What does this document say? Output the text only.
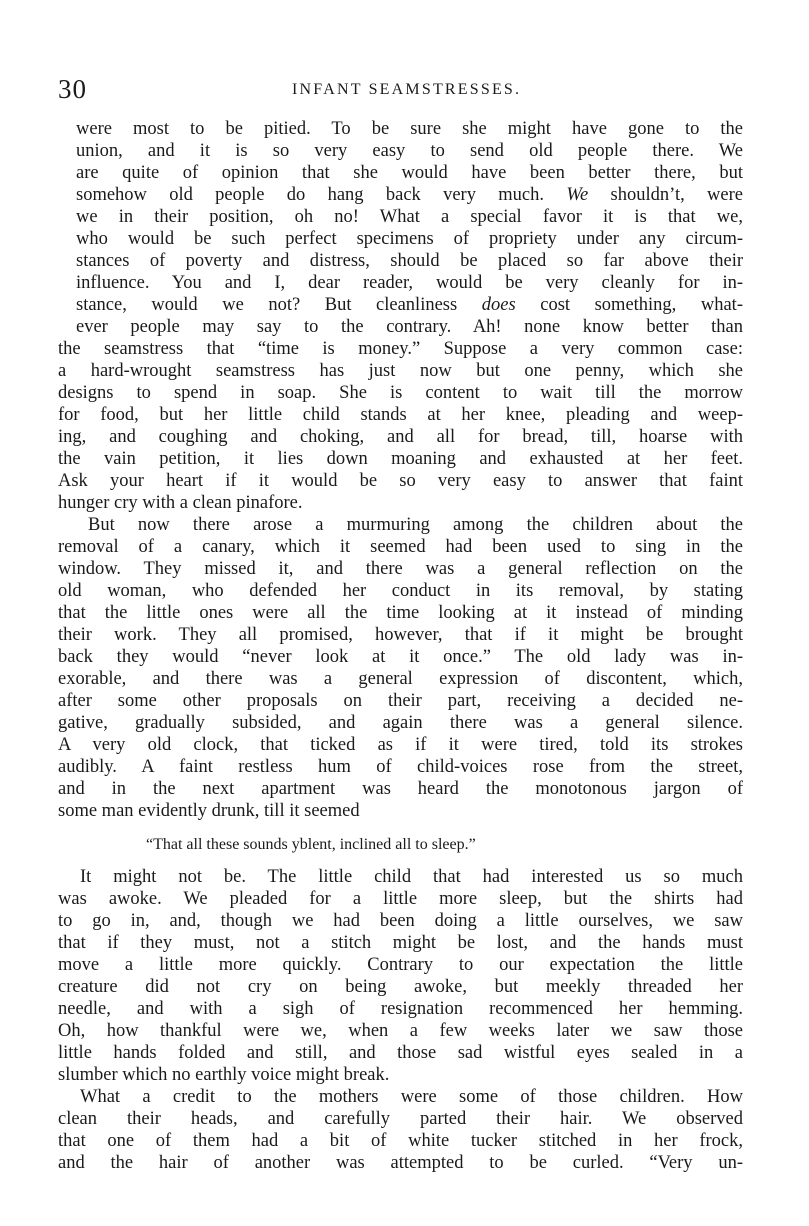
30	INFANT SEAMSTRESSES.
were most to be pitied. To be sure she might have gone to the
union, and it is so very easy to send old people there. We
are quite of opinion that she would have been better there, but
somehow old people do hang back very much. We shouldn’t, were
we in their position, oh no! What a special favor it is that we,
who would be such perfect specimens of propriety under any circum-
stances of poverty and distress, should be placed so far above their
influence. You and I, dear reader, would be very cleanly for in-
stance, would we not? But cleanliness does cost something, what-
ever people may say to the contrary. Ah! none know better than
the seamstress that “time is money.” Suppose a very common case:
a hard-wrought seamstress has just now but one penny, which she
designs to spend in soap. She is content to wait till the morrow
for food, but her little child stands at her knee, pleading and weep-
ing, and coughing and choking, and all for bread, till, hoarse with
the vain petition, it lies down moaning and exhausted at her feet.
Ask your heart if it would be so very easy to answer that faint
hunger cry with a clean pinafore.
But now there arose a murmuring among the children about the
removal of a canary, which it seemed had been used to sing in the
window. They missed it, and there was a general reflection on the
old woman, who defended her conduct in its removal, by stating
that the little ones were all the time looking at it instead of minding
their work. They all promised, however, that if it might be brought
back they would “never look at it once.” The old lady was in-
exorable, and there was a general expression of discontent, which,
after some other proposals on their part, receiving a decided ne-
gative, gradually subsided, and again there was a general silence.
A very old clock, that ticked as if it were tired, told its strokes
audibly. A faint restless hum of child-voices rose from the street,
and in the next apartment was heard the monotonous jargon of
some man evidently drunk, till it seemed
“That all these sounds yblent, inclined all to sleep.”
It might not be. The little child that had interested us so much
was awoke. We pleaded for a little more sleep, but the shirts had
to go in, and, though we had been doing a little ourselves, we saw
that if they must, not a stitch might be lost, and the hands must
move a little more quickly. Contrary to our expectation the little
creature did not cry on being awoke, but meekly threaded her
needle, and with a sigh of resignation recommenced her hemming.
Oh, how thankful were we, when a few weeks later we saw those
little hands folded and still, and those sad wistful eyes sealed in a
slumber which no earthly voice might break.
What a credit to the mothers were some of those children. How
clean their heads, and carefully parted their hair. We observed
that one of them had a bit of white tucker stitched in her frock,
and the hair of another was attempted to be curled. “Very un-
